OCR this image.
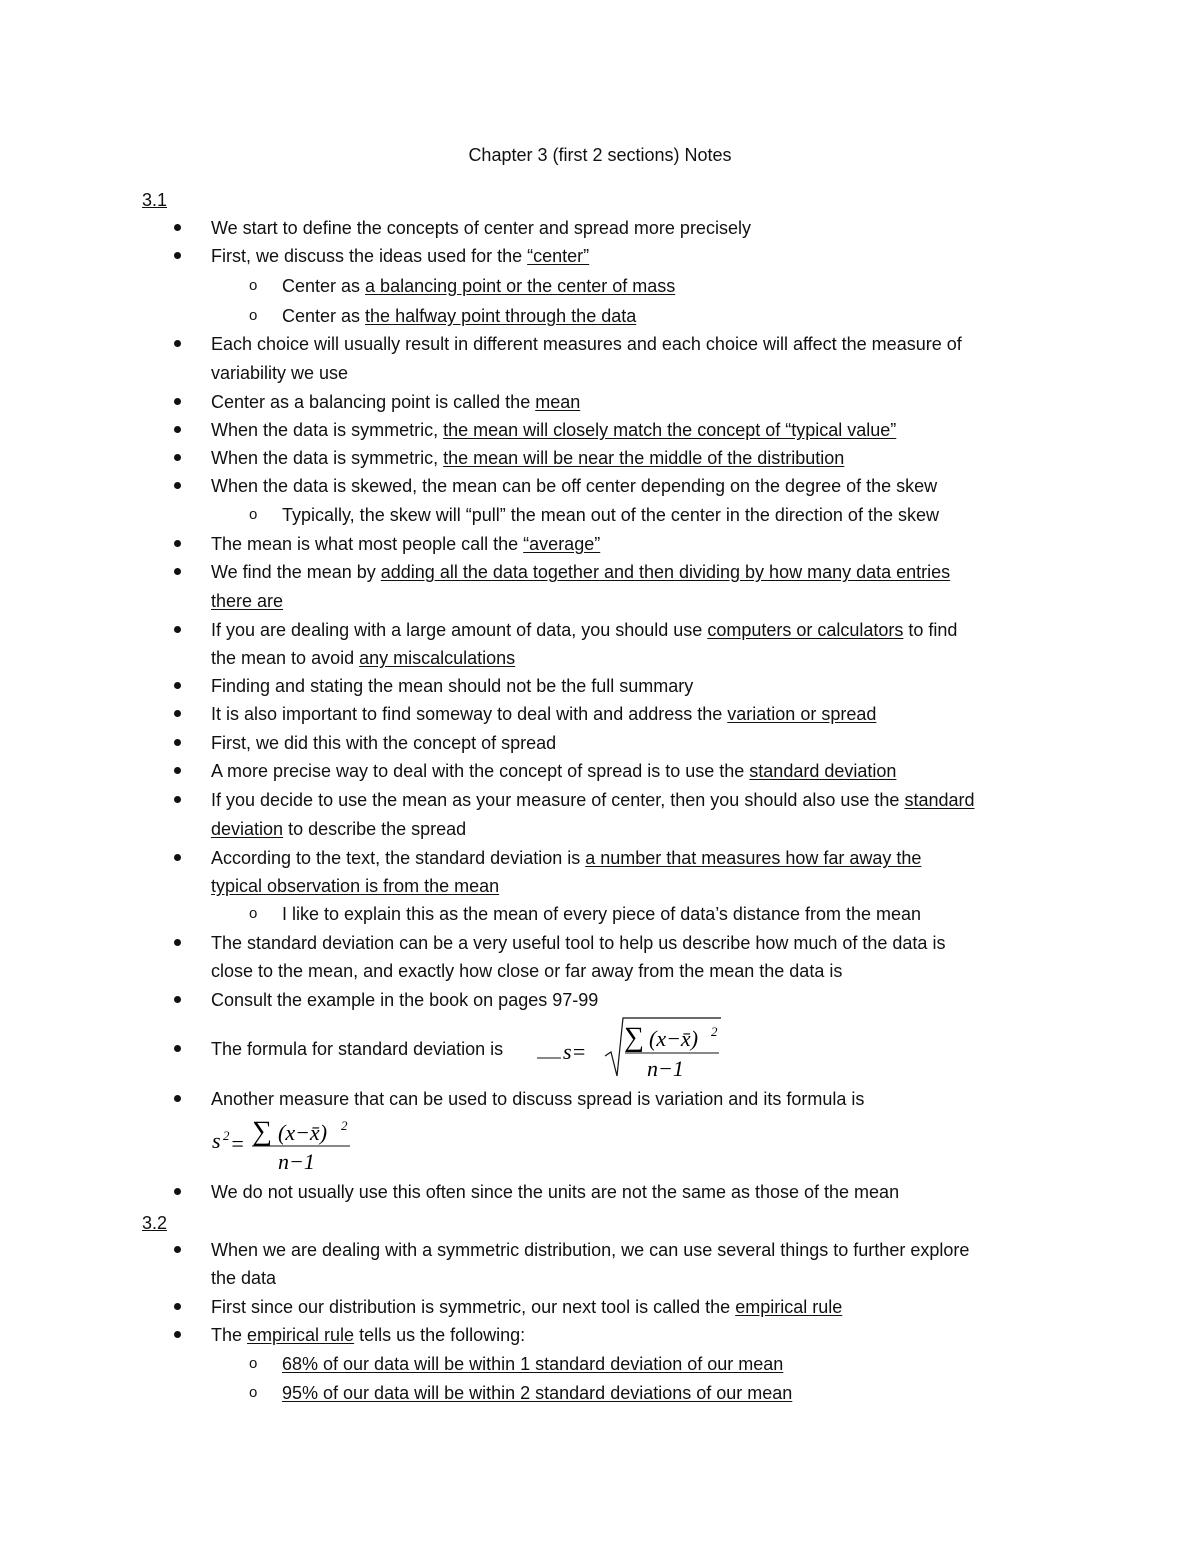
Chapter 3 (first 2 sections) Notes
3.1
We start to define the concepts of center and spread more precisely
First, we discuss the ideas used for the “center”
o Center as a balancing point or the center of mass
o Center as the halfway point through the data
Each choice will usually result in different measures and each choice will affect the measure of
variability we use
Center as a balancing point is called the mean
When the data is symmetric, the mean will closely match the concept of “typical value”
When the data is symmetric, the mean will be near the middle of the distribution
When the data is skewed, the mean can be off center depending on the degree of the skew
o Typically, the skew will “pull” the mean out of the center in the direction of the skew
The mean is what most people call the “average”
We find the mean by adding all the data together and then dividing by how many data entries
there are
If you are dealing with a large amount of data, you should use computers or calculators to find
the mean to avoid any miscalculations
Finding and stating the mean should not be the full summary
It is also important to find someway to deal with and address the variation or spread
First, we did this with the concept of spread
A more precise way to deal with the concept of spread is to use the standard deviation
If you decide to use the mean as your measure of center, then you should also use the standard
deviation to describe the spread
According to the text, the standard deviation is a number that measures how far away the
typical observation is from the mean
o I like to explain this as the mean of every piece of data’s distance from the mean
The standard deviation can be a very useful tool to help us describe how much of the data is
close to the mean, and exactly how close or far away from the mean the data is
Consult the example in the book on pages 97-99
The formula for standard deviation is	s= ∑ (x−x̄) 2
n−1
Another measure that can be used to discuss spread is variation and its formula is
s 2 = ∑ (x−x̄) 2
n−1
We do not usually use this often since the units are not the same as those of the mean
3.2
When we are dealing with a symmetric distribution, we can use several things to further explore
the data
First since our distribution is symmetric, our next tool is called the empirical rule
The empirical rule tells us the following:
o 68% of our data will be within 1 standard deviation of our mean
o 95% of our data will be within 2 standard deviations of our mean
